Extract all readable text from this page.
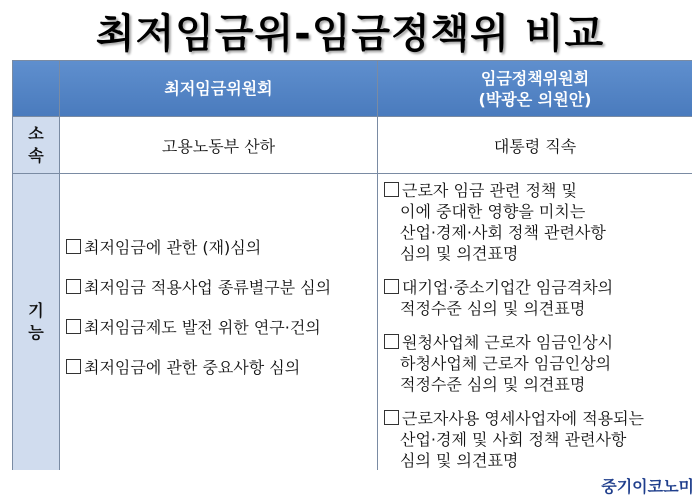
최저임금위-임금정책위 비교
최저임금위원회
임금정책위원회
(박광온 의원안)
소
속	고용노동부 산하	대통령 직속
기
능
최저임금에 관한 (재)심의
최저임금 적용사업 종류별구분 심의
최저임금제도 발전 위한 연구·건의
최저임금에 관한 중요사항 심의
근로자 임금 관련 정책 및
이에 중대한 영향을 미치는
산업·경제·사회 정책 관련사항
심의 및 의견표명
대기업·중소기업간 임금격차의
적정수준 심의 및 의견표명
원청사업체 근로자 임금인상시
하청사업체 근로자 임금인상의
적정수준 심의 및 의견표명
근로자사용 영세사업자에 적용되는
산업·경제 및 사회 정책 관련사항
심의 및 의견표명
중기이코노미
